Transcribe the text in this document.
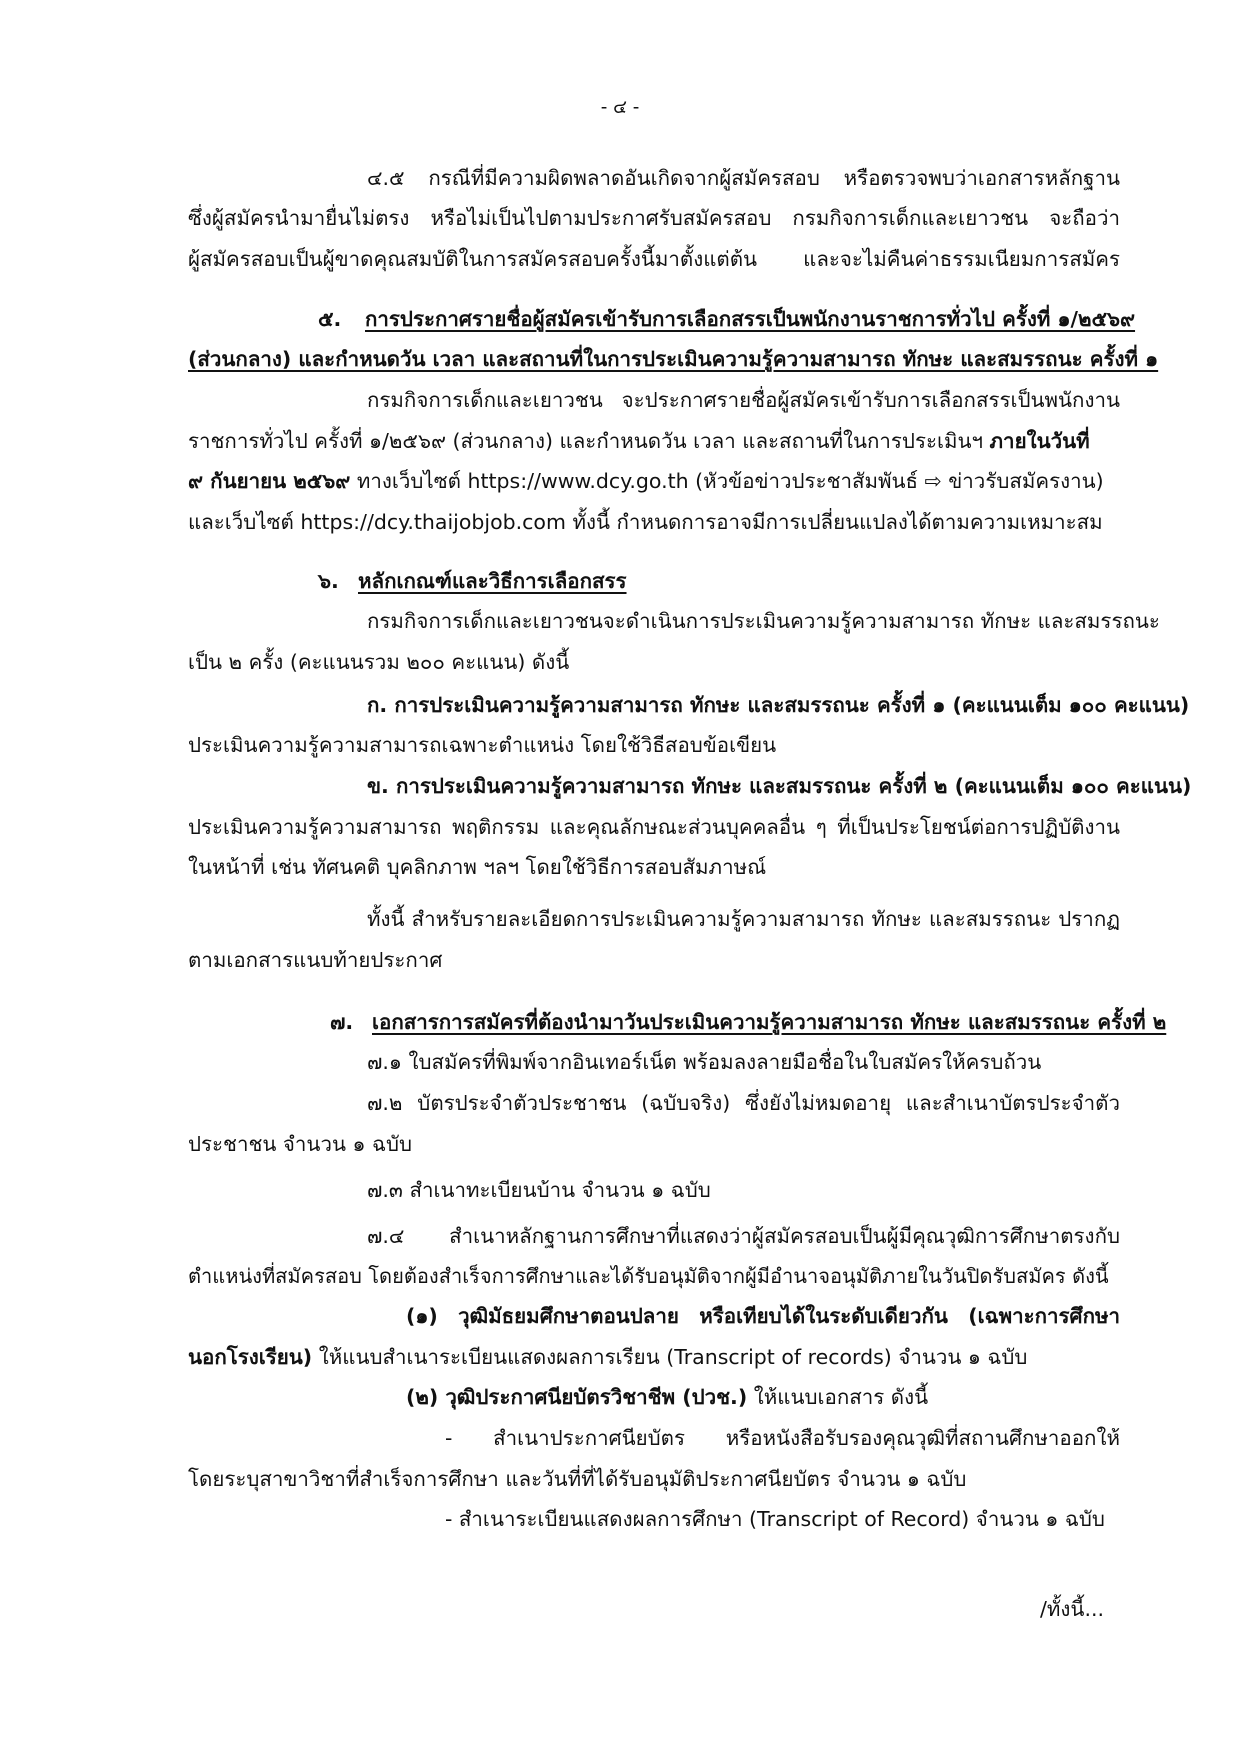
- ๔ -
๔.๕ กรณีที่มีความผิดพลาดอันเกิดจากผู้สมัครสอบ หรือตรวจพบว่าเอกสารหลักฐาน
ซึ่งผู้สมัครนำมายื่นไม่ตรง หรือไม่เป็นไปตามประกาศรับสมัครสอบ กรมกิจการเด็กและเยาวชน จะถือว่า
ผู้สมัครสอบเป็นผู้ขาดคุณสมบัติในการสมัครสอบครั้งนี้มาตั้งแต่ต้น และจะไม่คืนค่าธรรมเนียมการสมัคร
๕. การประกาศรายชื่อผู้สมัครเข้ารับการเลือกสรรเป็นพนักงานราชการทั่วไป ครั้งที่ ๑/๒๕๖๙
(ส่วนกลาง) และกำหนดวัน เวลา และสถานที่ในการประเมินความรู้ความสามารถ ทักษะ และสมรรถนะ ครั้งที่ ๑
กรมกิจการเด็กและเยาวชน จะประกาศรายชื่อผู้สมัครเข้ารับการเลือกสรรเป็นพนักงาน
ราชการทั่วไป ครั้งที่ ๑/๒๕๖๙ (ส่วนกลาง) และกำหนดวัน เวลา และสถานที่ในการประเมินฯ ภายในวันที่
๙ กันยายน ๒๕๖๙ ทางเว็บไซต์ https://www.dcy.go.th (หัวข้อข่าวประชาสัมพันธ์ ⇨ ข่าวรับสมัครงาน)
และเว็บไซต์ https://dcy.thaijobjob.com ทั้งนี้ กำหนดการอาจมีการเปลี่ยนแปลงได้ตามความเหมาะสม
๖. หลักเกณฑ์และวิธีการเลือกสรร
กรมกิจการเด็กและเยาวชนจะดำเนินการประเมินความรู้ความสามารถ ทักษะ และสมรรถนะ
เป็น ๒ ครั้ง (คะแนนรวม ๒๐๐ คะแนน) ดังนี้
ก. การประเมินความรู้ความสามารถ ทักษะ และสมรรถนะ ครั้งที่ ๑ (คะแนนเต็ม ๑๐๐ คะแนน)
ประเมินความรู้ความสามารถเฉพาะตำแหน่ง โดยใช้วิธีสอบข้อเขียน
ข. การประเมินความรู้ความสามารถ ทักษะ และสมรรถนะ ครั้งที่ ๒ (คะแนนเต็ม ๑๐๐ คะแนน)
ประเมินความรู้ความสามารถ พฤติกรรม และคุณลักษณะส่วนบุคคลอื่น ๆ ที่เป็นประโยชน์ต่อการปฏิบัติงาน
ในหน้าที่ เช่น ทัศนคติ บุคลิกภาพ ฯลฯ โดยใช้วิธีการสอบสัมภาษณ์
ทั้งนี้ สำหรับรายละเอียดการประเมินความรู้ความสามารถ ทักษะ และสมรรถนะ ปรากฏ
ตามเอกสารแนบท้ายประกาศ
๗. เอกสารการสมัครที่ต้องนำมาวันประเมินความรู้ความสามารถ ทักษะ และสมรรถนะ ครั้งที่ ๒
๗.๑ ใบสมัครที่พิมพ์จากอินเทอร์เน็ต พร้อมลงลายมือชื่อในใบสมัครให้ครบถ้วน
๗.๒ บัตรประจำตัวประชาชน (ฉบับจริง) ซึ่งยังไม่หมดอายุ และสำเนาบัตรประจำตัว
ประชาชน จำนวน ๑ ฉบับ
๗.๓ สำเนาทะเบียนบ้าน จำนวน ๑ ฉบับ
๗.๔ สำเนาหลักฐานการศึกษาที่แสดงว่าผู้สมัครสอบเป็นผู้มีคุณวุฒิการศึกษาตรงกับ
ตำแหน่งที่สมัครสอบ โดยต้องสำเร็จการศึกษาและได้รับอนุมัติจากผู้มีอำนาจอนุมัติภายในวันปิดรับสมัคร ดังนี้
(๑) วุฒิมัธยมศึกษาตอนปลาย หรือเทียบได้ในระดับเดียวกัน (เฉพาะการศึกษา
นอกโรงเรียน) ให้แนบสำเนาระเบียนแสดงผลการเรียน (Transcript of records) จำนวน ๑ ฉบับ
(๒) วุฒิประกาศนียบัตรวิชาชีพ (ปวช.) ให้แนบเอกสาร ดังนี้
- สำเนาประกาศนียบัตร หรือหนังสือรับรองคุณวุฒิที่สถานศึกษาออกให้
โดยระบุสาขาวิชาที่สำเร็จการศึกษา และวันที่ที่ได้รับอนุมัติประกาศนียบัตร จำนวน ๑ ฉบับ
- สำเนาระเบียนแสดงผลการศึกษา (Transcript of Record) จำนวน ๑ ฉบับ
/ทั้งนี้...
